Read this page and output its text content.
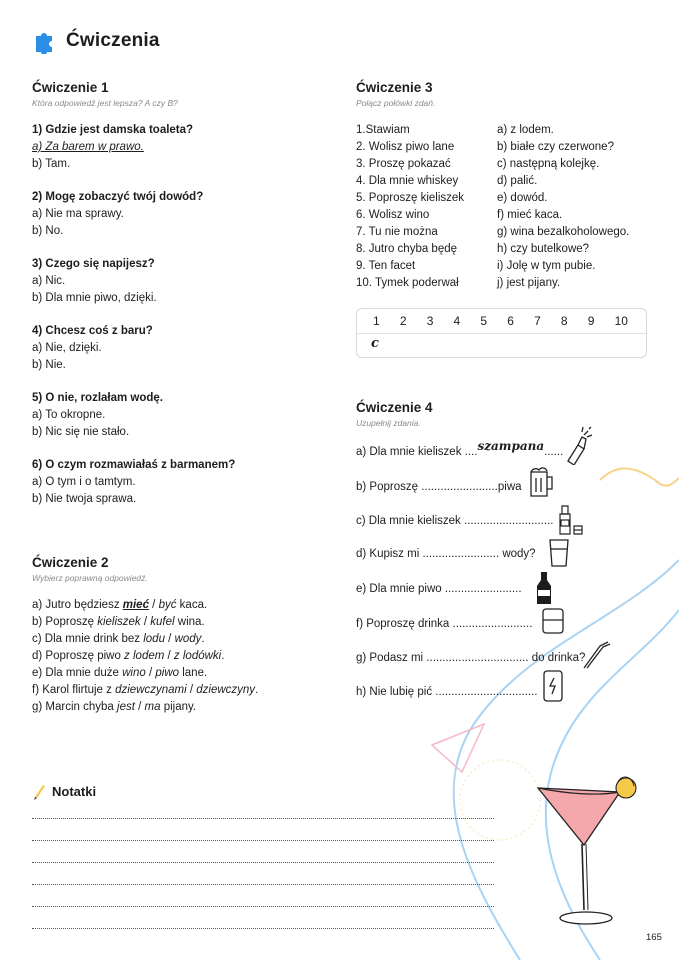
Ćwiczenia
Ćwiczenie 1
Która odpowiedź jest lepsza? A czy B?
1) Gdzie jest damska toaleta?
a) Za barem w prawo.
b) Tam.
2) Mogę zobaczyć twój dowód?
a) Nie ma sprawy.
b) No.
3) Czego się napijesz?
a) Nic.
b) Dla mnie piwo, dzięki.
4) Chcesz coś z baru?
a) Nie, dzięki.
b) Nie.
5) O nie, rozlałam wodę.
a) To okropne.
b) Nic się nie stało.
6) O czym rozmawiałaś z barmanem?
a) O tym i o tamtym.
b) Nie twoja sprawa.
Ćwiczenie 2
Wybierz poprawną odpowiedź.
a) Jutro będziesz mieć / być kaca.
b) Poproszę kieliszek / kufel wina.
c) Dla mnie drink bez lodu / wody.
d) Poproszę piwo z lodem / z lodówki.
e) Dla mnie duże wino / piwo lane.
f) Karol flirtuje z dziewczynami / dziewczyny.
g) Marcin chyba jest / ma pijany.
Ćwiczenie 3
Połącz połówki zdań.
1.Stawiam
2. Wolisz piwo lane
3. Proszę pokazać
4. Dla mnie whiskey
5. Poproszę kieliszek
6. Wolisz wino
7. Tu nie można
8. Jutro chyba będę
9. Ten facet
10. Tymek poderwał
a) z lodem.
b) białe czy czerwone?
c) następną kolejkę.
d) palić.
e) dowód.
f) mieć kaca.
g) wina bezalkoholowego.
h) czy butelkowe?
i) Jolę w tym pubie.
j) jest pijany.
1 2 3 4 5 6 7 8 9 10
c
Ćwiczenie 4
Uzupełnij zdania.
a) Dla mnie kieliszek ....szampana......
b) Poproszę ........................piwa
c) Dla mnie kieliszek ............................
d) Kupisz mi ........................ wody?
e) Dla mnie piwo ........................
f) Poproszę drinka .........................
g) Podasz mi ................................ do drinka?
h) Nie lubię pić ................................
Notatki
165
